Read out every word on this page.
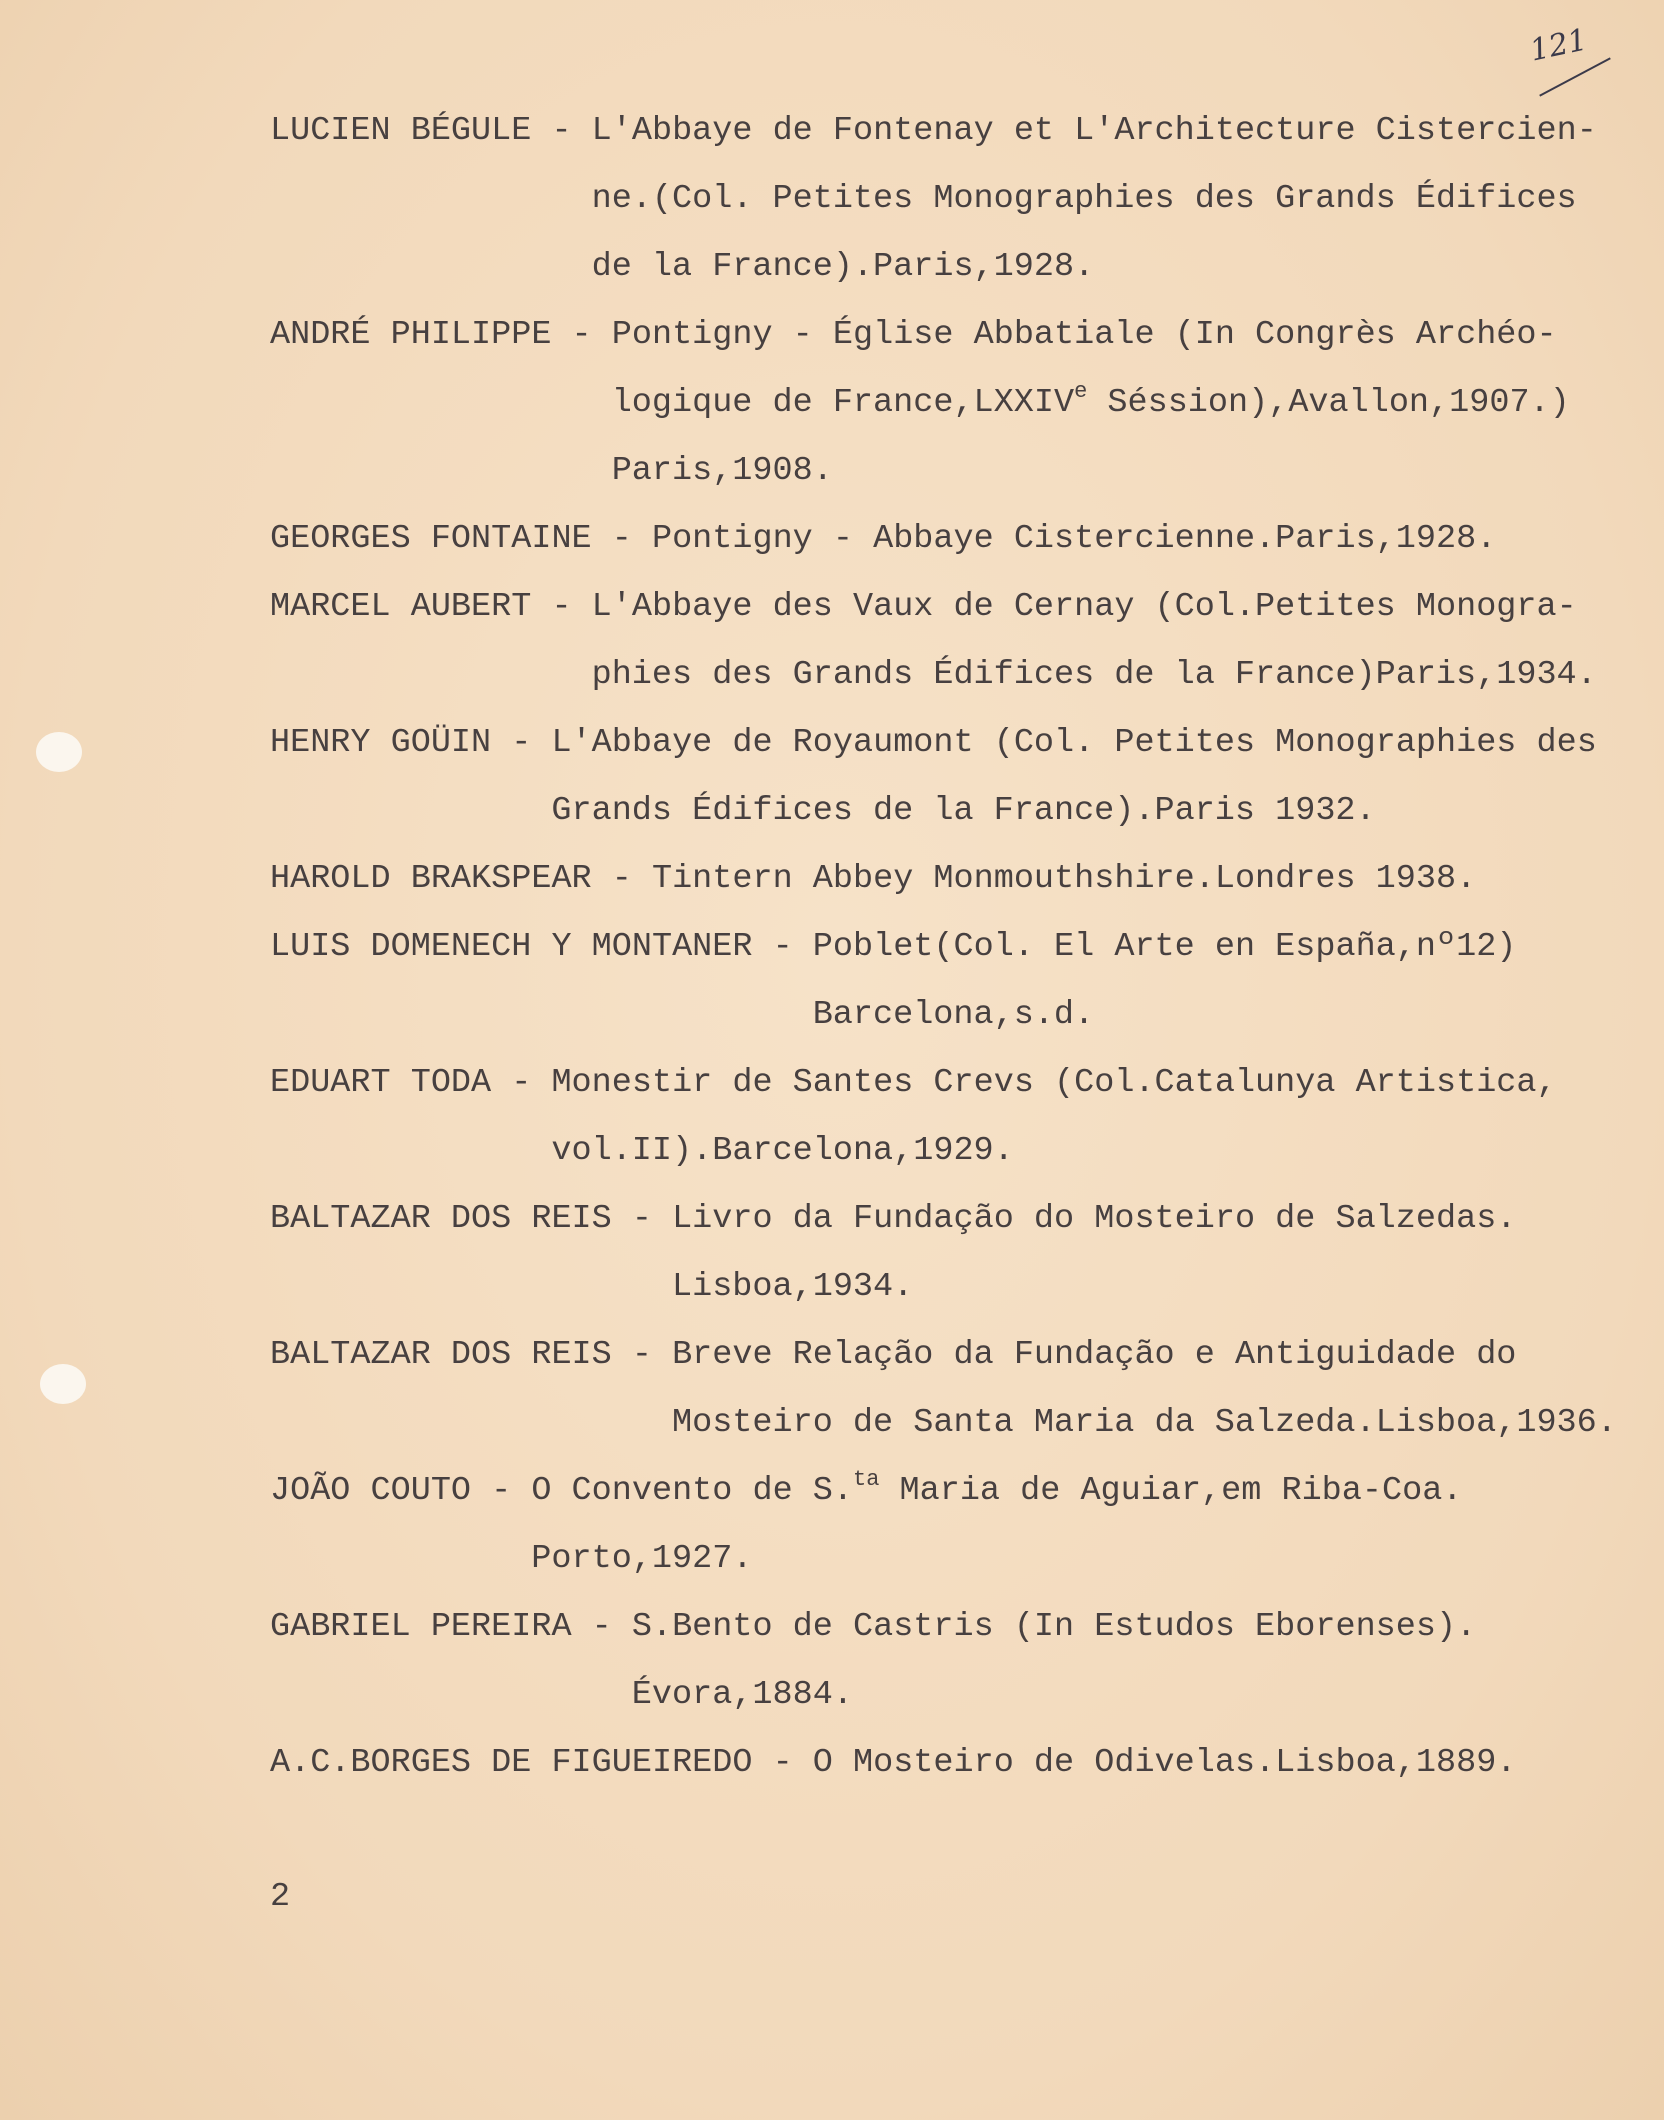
121
LUCIEN BÉGULE - L'Abbaye de Fontenay et L'Architecture Cistercien-
ne.(Col. Petites Monographies des Grands Édifices
de la France).Paris,1928.
ANDRÉ PHILIPPE - Pontigny - Église Abbatiale (In Congrès Archéo-
logique de France,LXXIVe Séssion),Avallon,1907.)
Paris,1908.
GEORGES FONTAINE - Pontigny - Abbaye Cistercienne.Paris,1928.
MARCEL AUBERT - L'Abbaye des Vaux de Cernay (Col.Petites Monogra-
phies des Grands Édifices de la France)Paris,1934.
HENRY GOÜIN - L'Abbaye de Royaumont (Col. Petites Monographies des
Grands Édifices de la France).Paris 1932.
HAROLD BRAKSPEAR - Tintern Abbey Monmouthshire.Londres 1938.
LUIS DOMENECH Y MONTANER - Poblet(Col. El Arte en España,nº12)
Barcelona,s.d.
EDUART TODA - Monestir de Santes Crevs (Col.Catalunya Artistica,
vol.II).Barcelona,1929.
BALTAZAR DOS REIS - Livro da Fundação do Mosteiro de Salzedas.
Lisboa,1934.
BALTAZAR DOS REIS - Breve Relação da Fundação e Antiguidade do
Mosteiro de Santa Maria da Salzeda.Lisboa,1936.
JOÃO COUTO - O Convento de S.$^{ta}$ Maria de Aguiar,em Riba-Coa.
Porto,1927.
GABRIEL PEREIRA - S.Bento de Castris (In Estudos Eborenses).
Évora,1884.
A.C.BORGES DE FIGUEIREDO - O Mosteiro de Odivelas.Lisboa,1889.
2
